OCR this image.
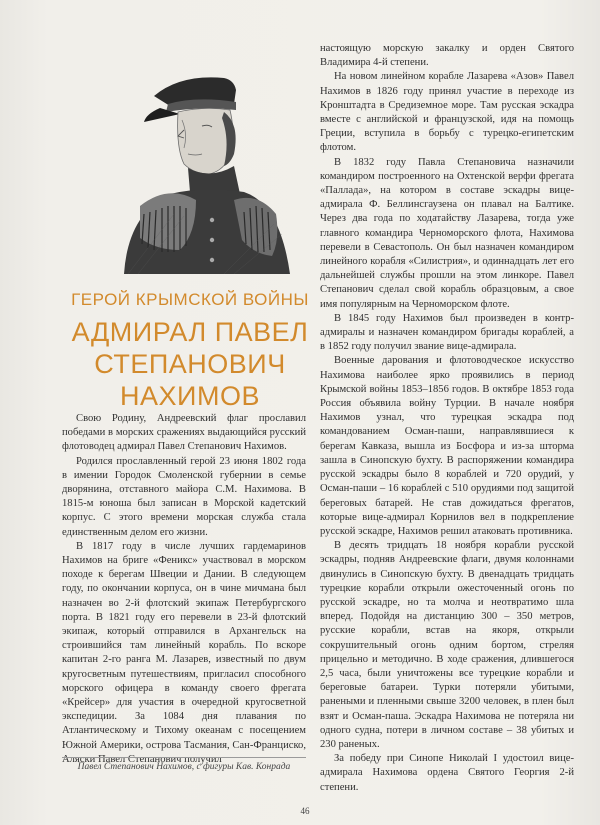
ГЕРОЙ КРЫМСКОЙ ВОЙНЫ
АДМИРАЛ ПАВЕЛ
СТЕПАНОВИЧ
НАХИМОВ

Свою Родину, Андреевский флаг прославил победами в морских сражениях выдающийся русский флотоводец адмирал Павел Степанович Нахимов.

Родился прославленный герой 23 июня 1802 года в имении Городок Смоленской губернии в семье дворянина, отставного майора С.М. Нахимова. В 1815-м юноша был записан в Морской кадетский корпус. С этого времени морская служба стала единственным делом его жизни.

В 1817 году в числе лучших гардемаринов Нахимов на бриге «Феникс» участвовал в морском походе к берегам Швеции и Дании. В следующем году, по окончании корпуса, он в чине мичмана был назначен во 2-й флотский экипаж Петербургского порта. В 1821 году его перевели в 23-й флотский экипаж, который отправился в Архангельск на строившийся там линейный корабль. По вскоре капитан 2-го ранга М. Лазарев, известный по двум кругосветным путешествиям, пригласил способного морского офицера в команду своего фрегата «Крейсер» для участия в очередной кругосветной экспедиции. За 1084 дня плавания по Атлантическому и Тихому океанам с посещением Южной Америки, острова Тасмания, Сан-Франциско, Аляски Павел Степанович получил

настоящую морскую закалку и орден Святого Владимира 4-й степени.

На новом линейном корабле Лазарева «Азов» Павел Нахимов в 1826 году принял участие в переходе из Кронштадта в Средиземное море. Там русская эскадра вместе с английской и французской, идя на помощь Греции, вступила в борьбу с турецко-египетским флотом.

В 1832 году Павла Степановича назначили командиром построенного на Охтенской верфи фрегата «Паллада», на котором в составе эскадры вице-адмирала Ф. Беллинсгаузена он плавал на Балтике. Через два года по ходатайству Лазарева, тогда уже главного командира Черноморского флота, Нахимова перевели в Севастополь. Он был назначен командиром линейного корабля «Силистрия», и одиннадцать лет его дальнейшей службы прошли на этом линкоре. Павел Степанович сделал свой корабль образцовым, а свое имя популярным на Черноморском флоте.

В 1845 году Нахимов был произведен в контр-адмиралы и назначен командиром бригады кораблей, а в 1852 году получил звание вице-адмирала.

Военные дарования и флотоводческое искусство Нахимова наиболее ярко проявились в период Крымской войны 1853–1856 годов. В октябре 1853 года Россия объявила войну Турции. В начале ноября Нахимов узнал, что турецкая эскадра под командованием Осман-паши, направлявшиеся к берегам Кавказа, вышла из Босфора и из-за шторма зашла в Синопскую бухту. В распоряжении командира русской эскадры было 8 кораблей и 720 орудий, у Осман-паши – 16 кораблей с 510 орудиями под защитой береговых батарей. Не став дожидаться фрегатов, которые вице-адмирал Корнилов вел в подкрепление русской эскадре, Нахимов решил атаковать противника.

В десять тридцать 18 ноября корабли русской эскадры, подняв Андреевские флаги, двумя колоннами двинулись в Синопскую бухту. В двенадцать тридцать турецкие корабли открыли ожесточенный огонь по русской эскадре, но та молча и неотвратимо шла вперед. Подойдя на дистанцию 300 – 350 метров, русские корабли, встав на якоря, открыли сокрушительный огонь одним бортом, стреляя прицельно и методично. В ходе сражения, длившегося 2,5 часа, были уничтожены все турецкие корабли и береговые батареи. Турки потеряли убитыми, ранеными и пленными свыше 3200 человек, в плен был взят и Осман-паша. Эскадра Нахимова не потеряла ни одного судна, потери в личном составе – 38 убитых и 230 раненых.

За победу при Синопе Николай I удостоил вице-адмирала Нахимова ордена Святого Георгия 2-й степени.

Павел Степанович Нахимов, с фигуры Кав. Конрада
46
